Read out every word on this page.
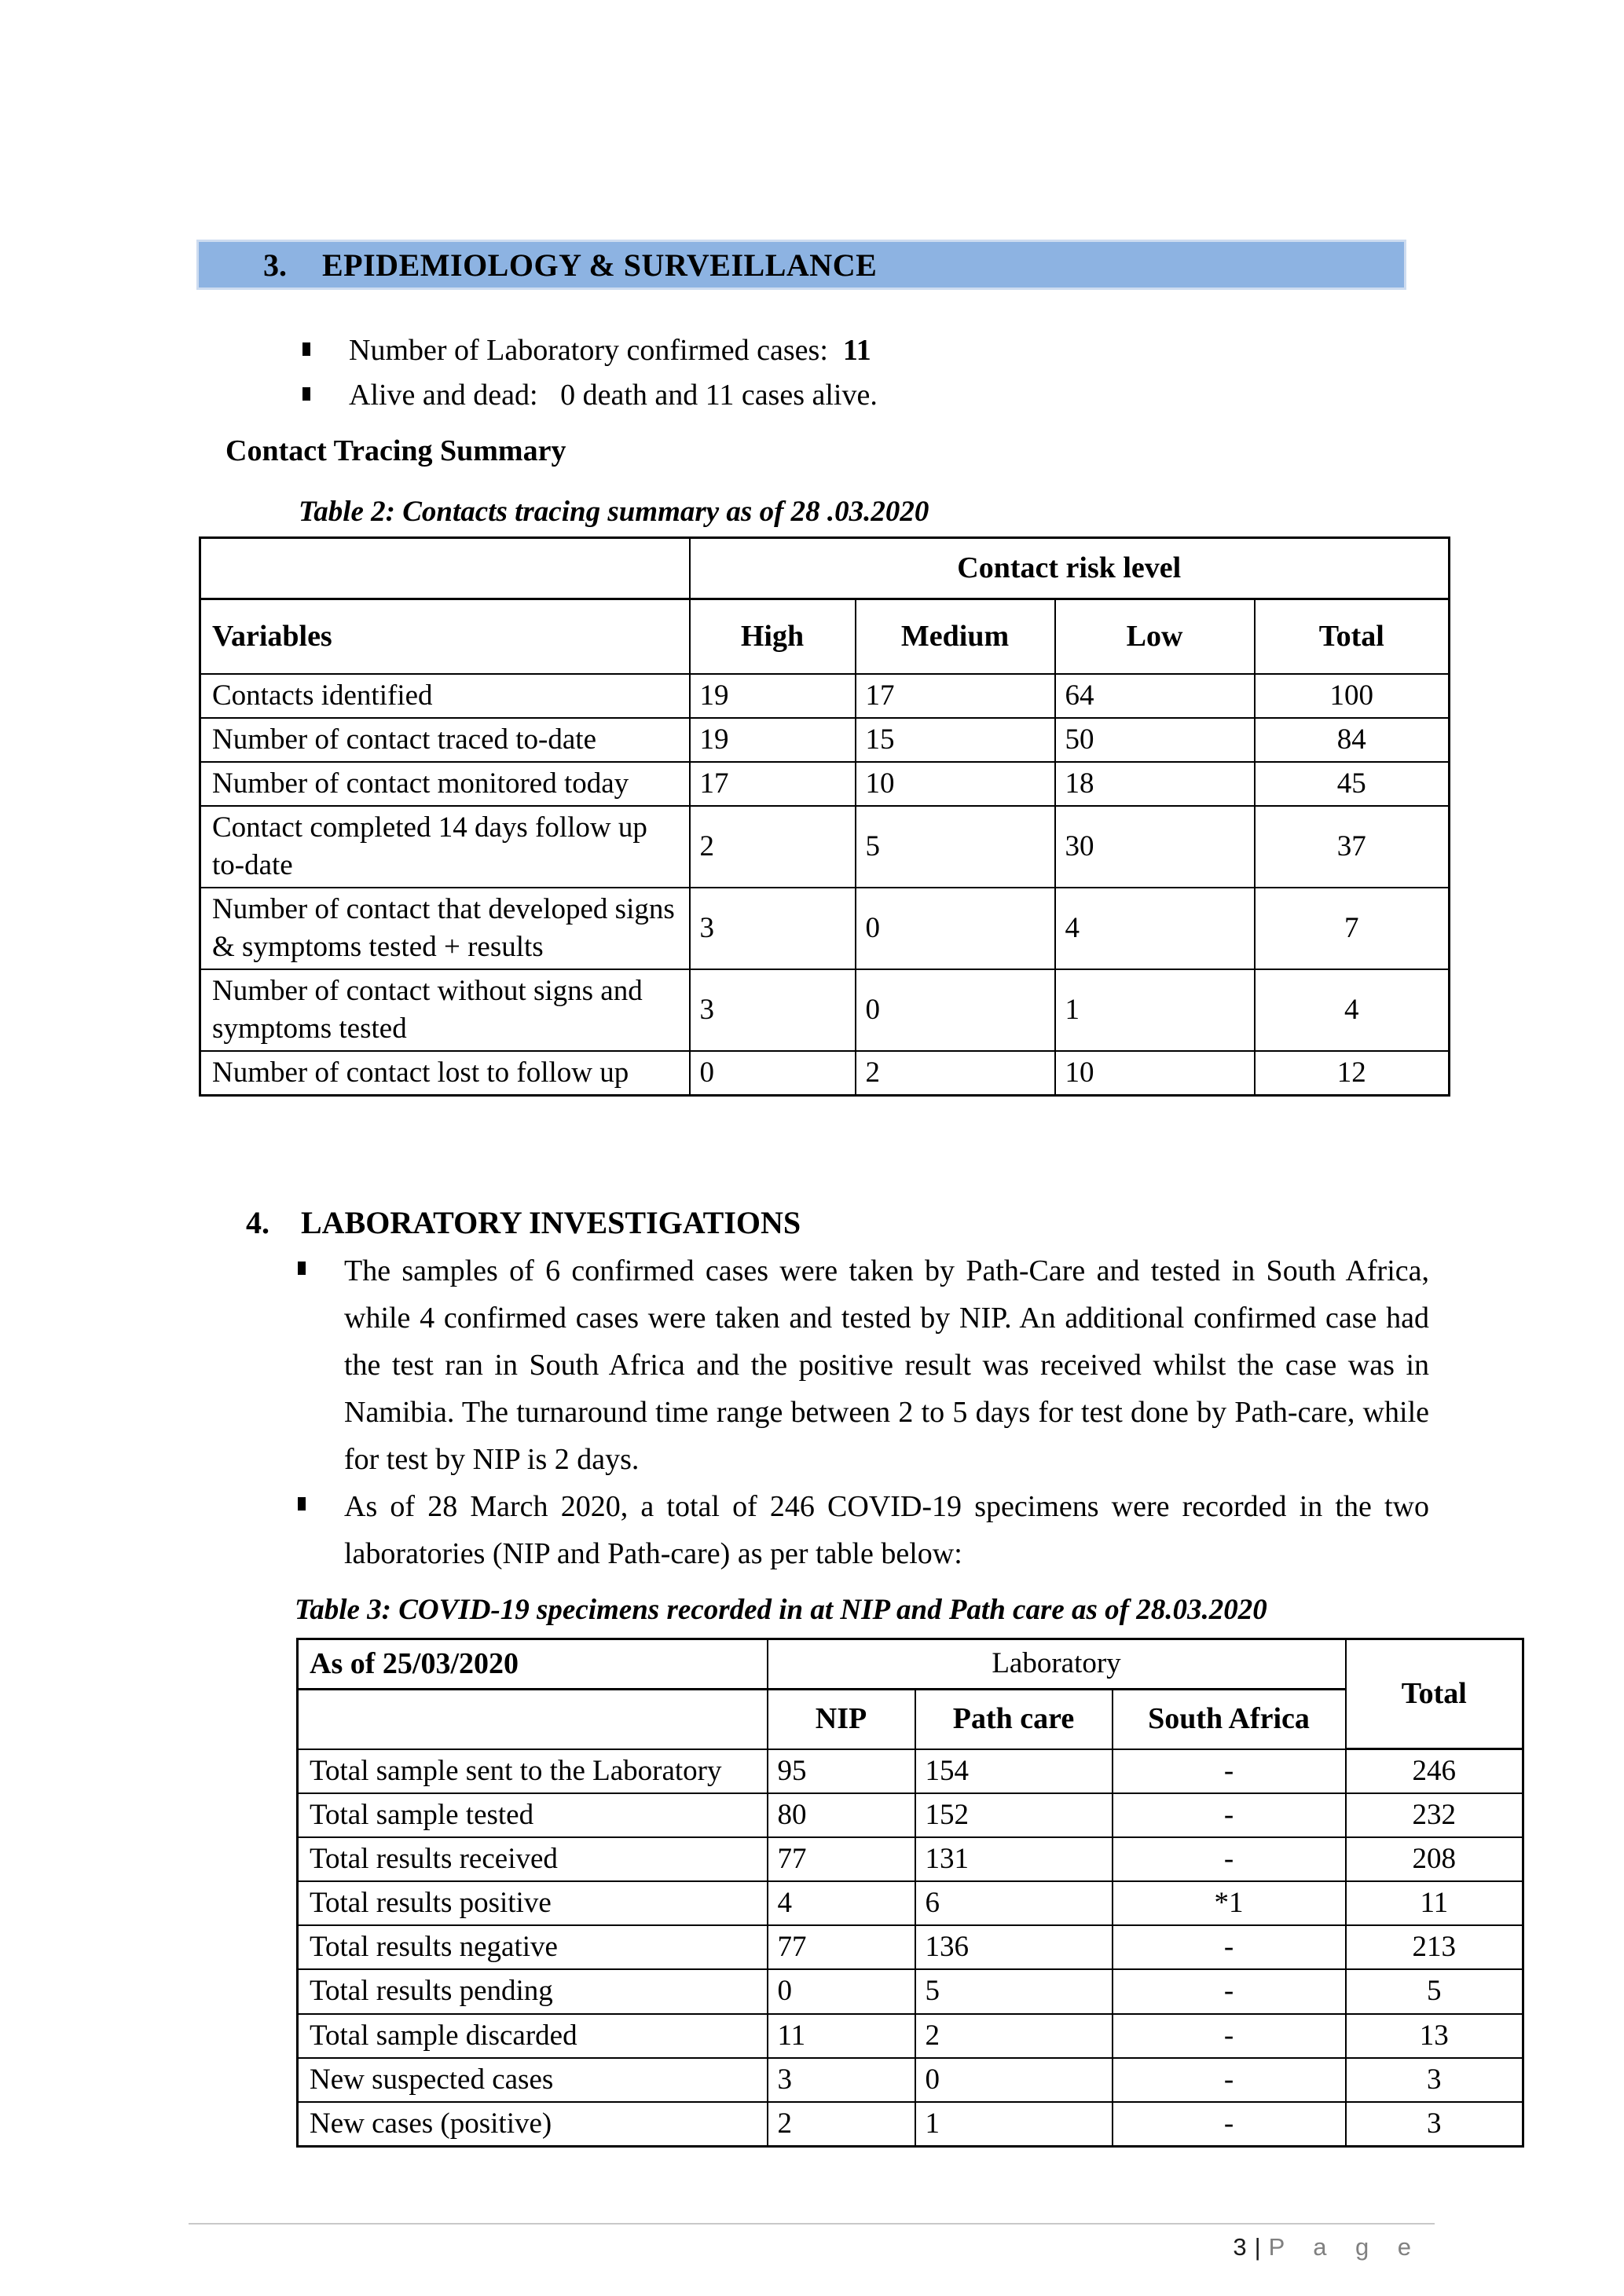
3. EPIDEMIOLOGY & SURVEILLANCE
Number of Laboratory confirmed cases:  11
Alive and dead:   0 death and 11 cases alive.
Contact Tracing Summary
Table 2: Contacts tracing summary as of 28 .03.2020
	Contact risk level			
Variables	High	Medium	Low	Total
Contacts identified	19	17	64	100
Number of contact traced to-date	19	15	50	84
Number of contact monitored today	17	10	18	45
Contact completed 14 days follow up to-date	2	5	30	37
Number of contact that developed signs & symptoms tested + results	3	0	4	7
Number of contact without signs and symptoms tested	3	0	1	4
Number of contact lost to follow up	0	2	10	12
4. LABORATORY INVESTIGATIONS
The samples of 6 confirmed cases were taken by Path-Care and tested in South Africa, while 4 confirmed cases were taken and tested by NIP. An additional confirmed case had the test ran in South Africa and the positive result was received whilst the case was in Namibia. The turnaround time range between 2 to 5 days for test done by Path-care, while for test by NIP is 2 days.
As of 28 March 2020, a total of 246 COVID-19 specimens were recorded in the two laboratories (NIP and Path-care) as per table below:
Table 3: COVID-19 specimens recorded in at NIP and Path care as of 28.03.2020
As of 25/03/2020	Laboratory			Total
	NIP	Path care	South Africa	
Total sample sent to the Laboratory	95	154	-	246
Total sample tested	80	152	-	232
Total results received	77	131	-	208
Total results positive	4	6	*1	11
Total results negative	77	136	-	213
Total results pending	0	5	-	5
Total sample discarded	11	2	-	13
New suspected cases	3	0	-	3
New cases (positive)	2	1	-	3
3 | P a g e
